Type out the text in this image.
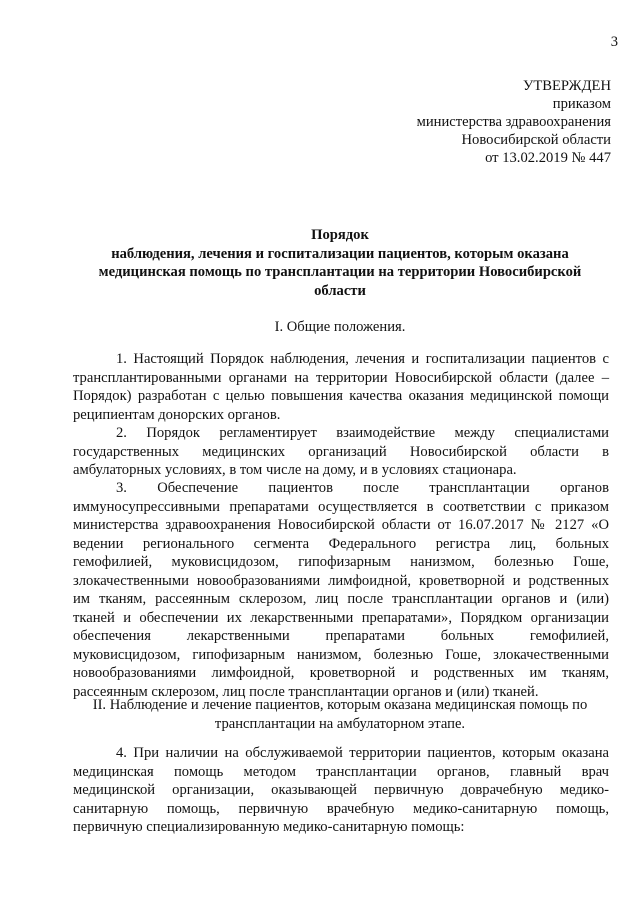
3
УТВЕРЖДЕН
приказом
министерства здравоохранения
Новосибирской области
от 13.02.2019 № 447
Порядок
наблюдения, лечения и госпитализации пациентов, которым оказана
медицинская помощь по трансплантации на территории Новосибирской
области
I. Общие положения.
1. Настоящий Порядок наблюдения, лечения и госпитализации пациентов с
трансплантированными органами на территории Новосибирской области (далее –
Порядок) разработан с целью повышения качества оказания медицинской помощи
реципиентам донорских органов.
2. Порядок регламентирует взаимодействие между специалистами
государственных медицинских организаций Новосибирской области в
амбулаторных условиях, в том числе на дому, и в условиях стационара.
3. Обеспечение пациентов после трансплантации органов
иммуносупрессивными препаратами осуществляется в соответствии с приказом
министерства здравоохранения Новосибирской области от 16.07.2017 № 2127 «О
ведении регионального сегмента Федерального регистра лиц, больных
гемофилией, муковисцидозом, гипофизарным нанизмом, болезнью Гоше,
злокачественными новообразованиями лимфоидной, кроветворной и родственных
им тканям, рассеянным склерозом, лиц после трансплантации органов и (или)
тканей и обеспечении их лекарственными препаратами», Порядком организации
обеспечения лекарственными препаратами больных гемофилией,
муковисцидозом, гипофизарным нанизмом, болезнью Гоше, злокачественными
новообразованиями лимфоидной, кроветворной и родственных им тканям,
рассеянным склерозом, лиц после трансплантации органов и (или) тканей.
II. Наблюдение и лечение пациентов, которым оказана медицинская помощь по
трансплантации на амбулаторном этапе.
4. При наличии на обслуживаемой территории пациентов, которым оказана
медицинская помощь методом трансплантации органов, главный врач
медицинской организации, оказывающей первичную доврачебную медико-
санитарную помощь, первичную врачебную медико-санитарную помощь,
первичную специализированную медико-санитарную помощь:
